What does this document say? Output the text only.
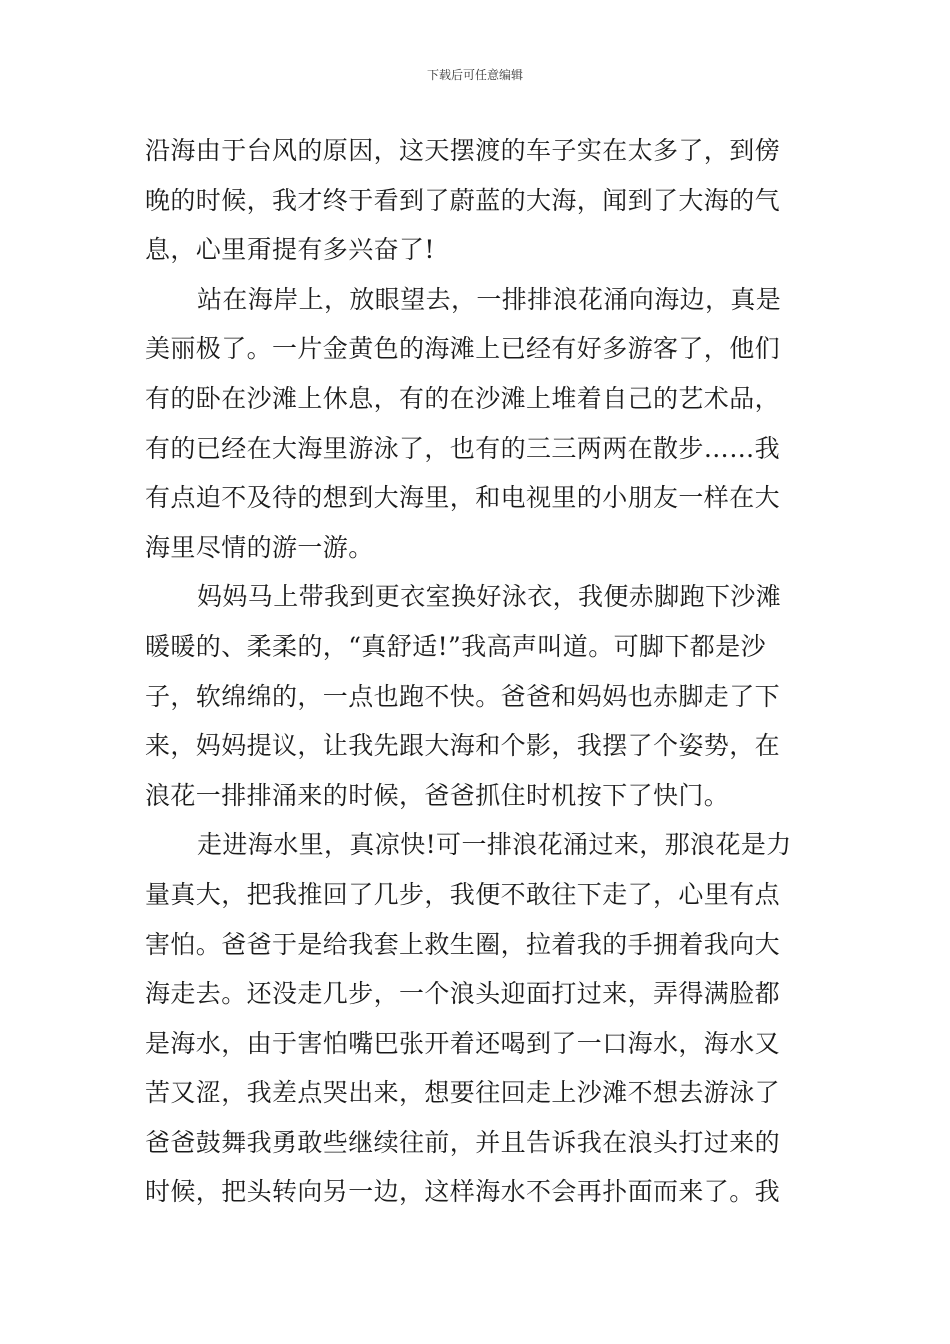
下载后可任意编辑
沿海由于台风的原因，这天摆渡的车子实在太多了，到傍
晚的时候，我才终于看到了蔚蓝的大海，闻到了大海的气
息，心里甭提有多兴奋了!
站在海岸上，放眼望去，一排排浪花涌向海边，真是
美丽极了。一片金黄色的海滩上已经有好多游客了，他们
有的卧在沙滩上休息，有的在沙滩上堆着自己的艺术品，
有的已经在大海里游泳了，也有的三三两两在散步……我
有点迫不及待的想到大海里，和电视里的小朋友一样在大
海里尽情的游一游。
妈妈马上带我到更衣室换好泳衣，我便赤脚跑下沙滩
暖暖的、柔柔的，“真舒适!”我高声叫道。可脚下都是沙
子，软绵绵的，一点也跑不快。爸爸和妈妈也赤脚走了下
来，妈妈提议，让我先跟大海和个影，我摆了个姿势，在
浪花一排排涌来的时候，爸爸抓住时机按下了快门。
走进海水里，真凉快!可一排浪花涌过来，那浪花是力
量真大，把我推回了几步，我便不敢往下走了，心里有点
害怕。爸爸于是给我套上救生圈，拉着我的手拥着我向大
海走去。还没走几步，一个浪头迎面打过来，弄得满脸都
是海水，由于害怕嘴巴张开着还喝到了一口海水，海水又
苦又涩，我差点哭出来，想要往回走上沙滩不想去游泳了
爸爸鼓舞我勇敢些继续往前，并且告诉我在浪头打过来的
时候，把头转向另一边，这样海水不会再扑面而来了。我
